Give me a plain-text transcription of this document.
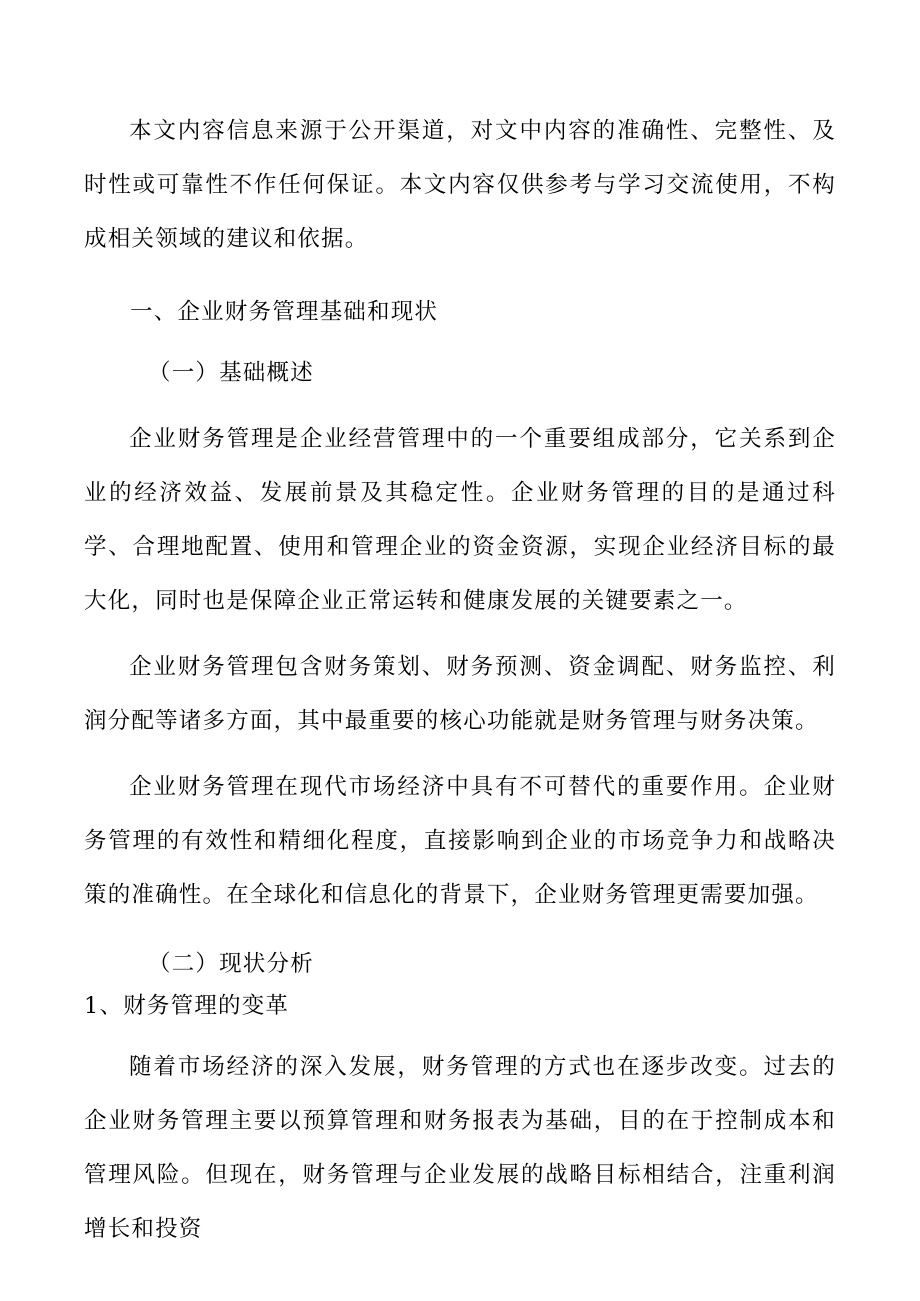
本文内容信息来源于公开渠道，对文中内容的准确性、完整性、及时性或可靠性不作任何保证。本文内容仅供参考与学习交流使用，不构成相关领域的建议和依据。

一、企业财务管理基础和现状

（一）基础概述

企业财务管理是企业经营管理中的一个重要组成部分，它关系到企业的经济效益、发展前景及其稳定性。企业财务管理的目的是通过科学、合理地配置、使用和管理企业的资金资源，实现企业经济目标的最大化，同时也是保障企业正常运转和健康发展的关键要素之一。

企业财务管理包含财务策划、财务预测、资金调配、财务监控、利润分配等诸多方面，其中最重要的核心功能就是财务管理与财务决策。

企业财务管理在现代市场经济中具有不可替代的重要作用。企业财务管理的有效性和精细化程度，直接影响到企业的市场竞争力和战略决策的准确性。在全球化和信息化的背景下，企业财务管理更需要加强。

（二）现状分析

1、财务管理的变革

随着市场经济的深入发展，财务管理的方式也在逐步改变。过去的企业财务管理主要以预算管理和财务报表为基础，目的在于控制成本和管理风险。但现在，财务管理与企业发展的战略目标相结合，注重利润增长和投资
